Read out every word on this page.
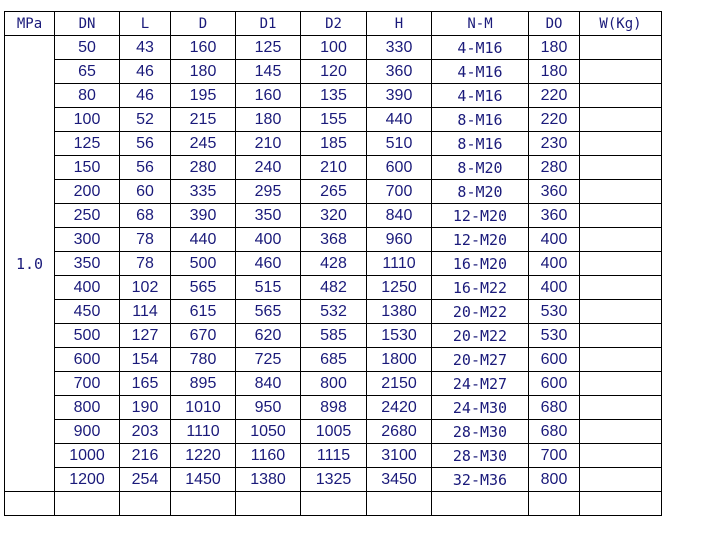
MPa	DN	L	D	D1	D2	H	N-M	DO	W(Kg)
1.0	50	43	160	125	100	330	4-M16	180	
	65	46	180	145	120	360	4-M16	180	
	80	46	195	160	135	390	4-M16	220	
	100	52	215	180	155	440	8-M16	220	
	125	56	245	210	185	510	8-M16	230	
	150	56	280	240	210	600	8-M20	280	
	200	60	335	295	265	700	8-M20	360	
	250	68	390	350	320	840	12-M20	360	
	300	78	440	400	368	960	12-M20	400	
	350	78	500	460	428	1110	16-M20	400	
	400	102	565	515	482	1250	16-M22	400	
	450	114	615	565	532	1380	20-M22	530	
	500	127	670	620	585	1530	20-M22	530	
	600	154	780	725	685	1800	20-M27	600	
	700	165	895	840	800	2150	24-M27	600	
	800	190	1010	950	898	2420	24-M30	680	
	900	203	1110	1050	1005	2680	28-M30	680	
	1000	216	1220	1160	1115	3100	28-M30	700	
	1200	254	1450	1380	1325	3450	32-M36	800	
